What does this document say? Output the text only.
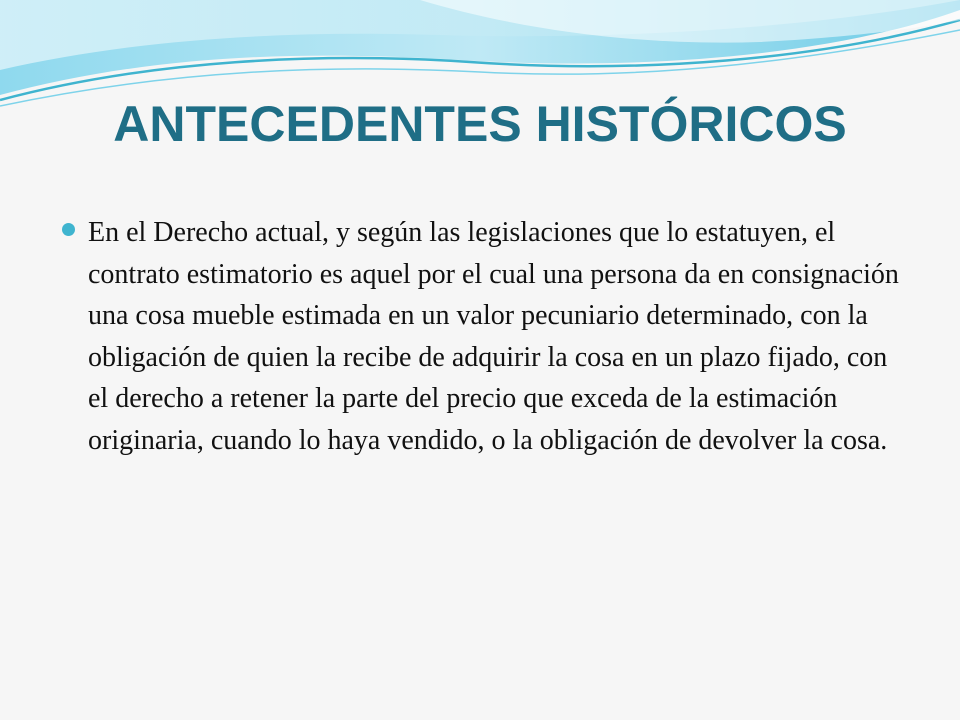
ANTECEDENTES HISTÓRICOS

En el Derecho actual, y según las legislaciones que lo estatuyen, el contrato estimatorio es aquel por el cual una persona da en consignación una cosa mueble estimada en un valor pecuniario determinado, con la obligación de quien la recibe de adquirir la cosa en un plazo fijado, con el derecho a retener la parte del precio que exceda de la estimación originaria, cuando lo haya vendido, o la obligación de devolver la cosa.
